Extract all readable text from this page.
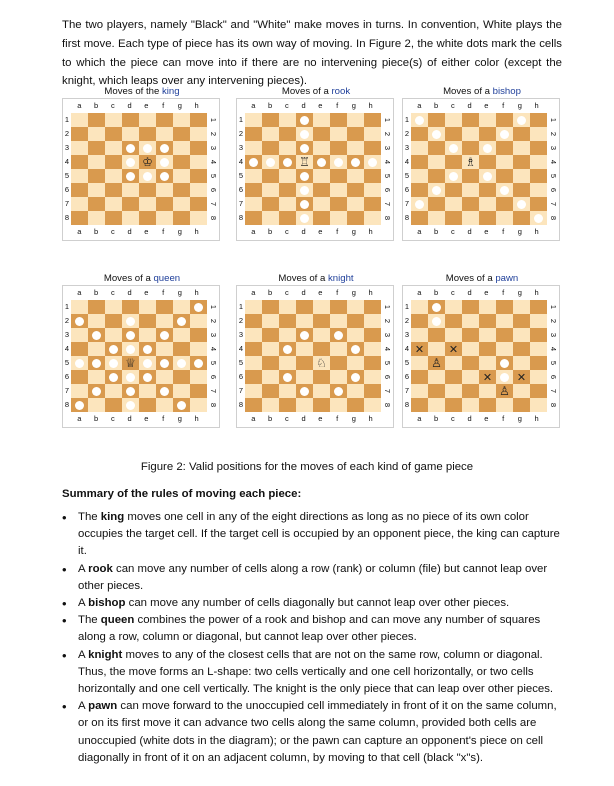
The two players, namely "Black" and "White" make moves in turns. In convention, White plays the first move. Each type of piece has its own way of moving. In Figure 2, the white dots mark the cells to which the piece can move into if there are no intervening piece(s) of either color (except the knight, which leaps over any intervening pieces).

Moves of the king
a	b	c	d	e	f	g	h
a	b	c	d	e	f	g	h
1
2
3
4
5
6
7
8
1
2
3
4
5
6
7
8
♔
Moves of a rook
a	b	c	d	e	f	g	h
a	b	c	d	e	f	g	h
1
2
3
4
5
6
7
8
1
2
3
4
5
6
7
8
♖
Moves of a bishop
a	b	c	d	e	f	g	h
a	b	c	d	e	f	g	h
1
2
3
4
5
6
7
8
1
2
3
4
5
6
7
8
♗
Moves of a queen
a	b	c	d	e	f	g	h
a	b	c	d	e	f	g	h
1
2
3
4
5
6
7
8
1
2
3
4
5
6
7
8
♕
Moves of a knight
a	b	c	d	e	f	g	h
a	b	c	d	e	f	g	h
1
2
3
4
5
6
7
8
1
2
3
4
5
6
7
8
♘
Moves of a pawn
a	b	c	d	e	f	g	h
a	b	c	d	e	f	g	h
1
2
3
4
5
6
7
8
1
2
3
4
5
6
7
8
✕	✕
♙
✕	✕
♙
Figure 2: Valid positions for the moves of each kind of game piece
Summary of the rules of moving each piece:
• The king moves one cell in any of the eight directions as long as no piece of its own color occupies the target cell. If the target cell is occupied by an opponent piece, the king can capture it.
• A rook can move any number of cells along a row (rank) or column (file) but cannot leap over other pieces.
• A bishop can move any number of cells diagonally but cannot leap over other pieces.
• The queen combines the power of a rook and bishop and can move any number of squares along a row, column or diagonal, but cannot leap over other pieces.
• A knight moves to any of the closest cells that are not on the same row, column or diagonal. Thus, the move forms an L-shape: two cells vertically and one cell horizontally, or two cells horizontally and one cell vertically. The knight is the only piece that can leap over other pieces.
• A pawn can move forward to the unoccupied cell immediately in front of it on the same column, or on its first move it can advance two cells along the same column, provided both cells are unoccupied (white dots in the diagram); or the pawn can capture an opponent's piece on cell diagonally in front of it on an adjacent column, by moving to that cell (black "x"s).
